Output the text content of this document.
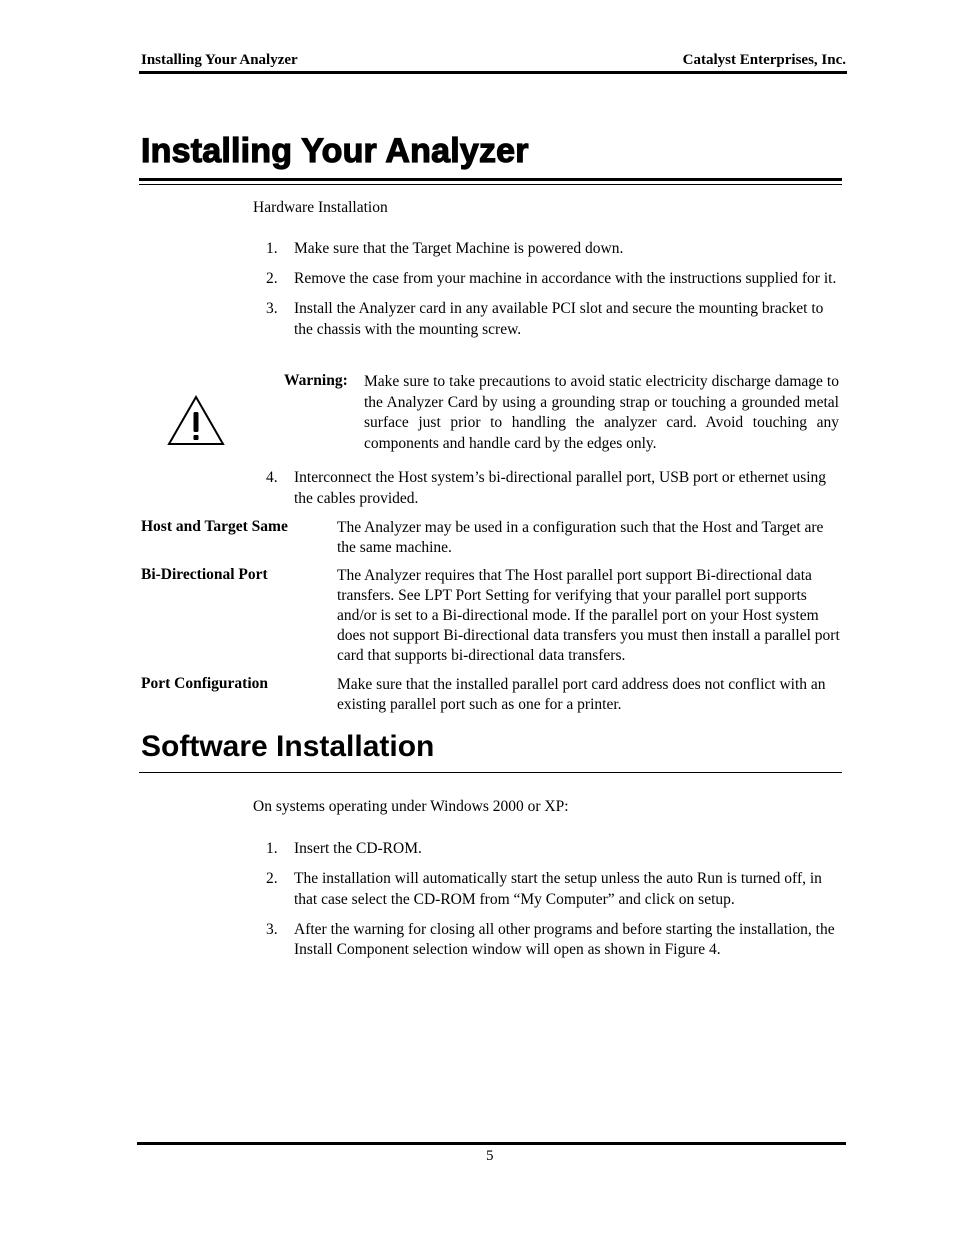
Installing Your Analyzer	Catalyst Enterprises, Inc.
Installing Your Analyzer
Hardware Installation
1. Make sure that the Target Machine is powered down.
2. Remove the case from your machine in accordance with the instructions supplied for it.
3. Install the Analyzer card in any available PCI slot and secure the mounting bracket to the chassis with the mounting screw.
Warning: Make sure to take precautions to avoid static electricity discharge damage to the Analyzer Card by using a grounding strap or touching a grounded metal surface just prior to handling the analyzer card. Avoid touching any components and handle card by the edges only.
4. Interconnect the Host system’s bi-directional parallel port, USB port or ethernet using the cables provided.
Host and Target Same	The Analyzer may be used in a configuration such that the Host and Target are the same machine.
Bi-Directional Port	The Analyzer requires that The Host parallel port support Bi-directional data transfers. See LPT Port Setting for verifying that your parallel port supports and/or is set to a Bi-directional mode. If the parallel port on your Host system does not support Bi-directional data transfers you must then install a parallel port card that supports bi-directional data transfers.
Port Configuration	Make sure that the installed parallel port card address does not conflict with an existing parallel port such as one for a printer.
Software Installation
On systems operating under Windows 2000 or XP:
1. Insert the CD-ROM.
2. The installation will automatically start the setup unless the auto Run is turned off, in that case select the CD-ROM from “My Computer” and click on setup.
3. After the warning for closing all other programs and before starting the installation, the Install Component selection window will open as shown in Figure 4.
5
